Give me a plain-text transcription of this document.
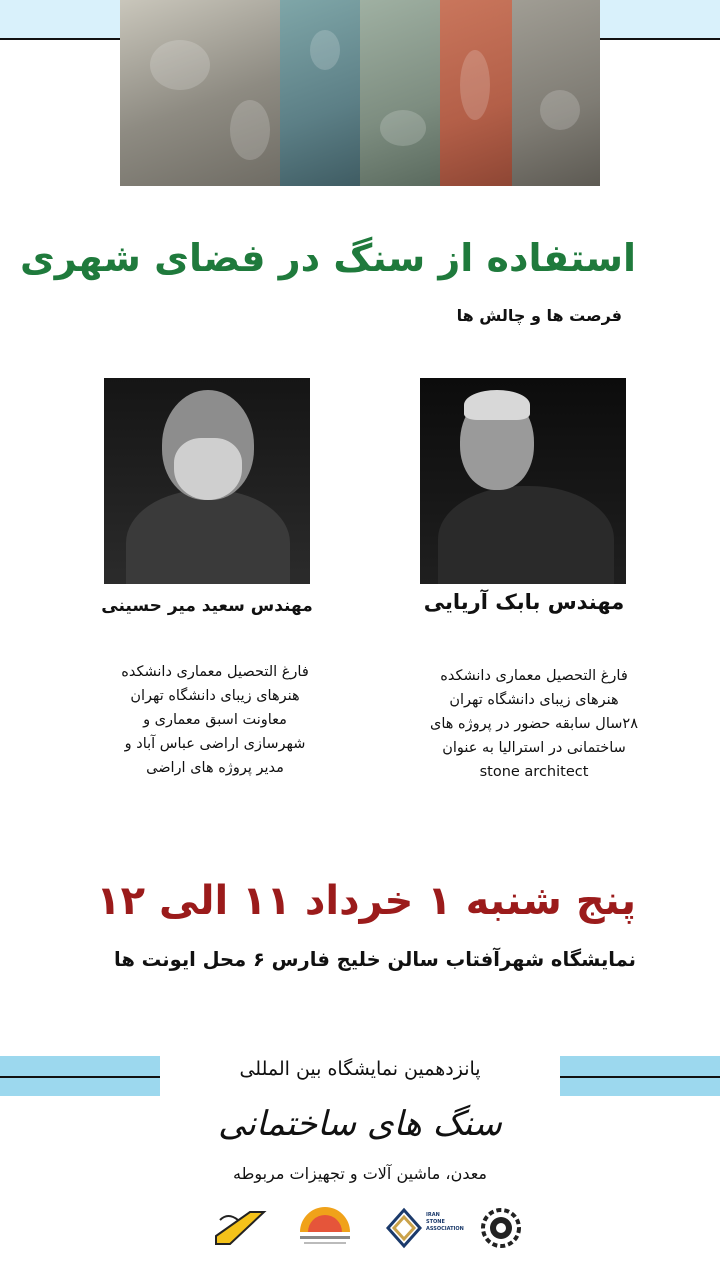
استفاده از سنگ در فضای شهری
فرصت ها و چالش ها
مهندس سعید میر حسینی	مهندس بابک آریایی
فارغ التحصیل معماری دانشکده
هنرهای زیبای دانشگاه تهران
معاونت اسبق معماری و
شهرسازی اراضی عباس آباد و
مدیر پروژه های اراضی
فارغ التحصیل معماری دانشکده
هنرهای زیبای دانشگاه تهران
۲۸سال سابقه حضور در پروژه های
ساختمانی در استرالیا به عنوان
stone architect
پنج شنبه ۱ خرداد ۱۱ الی ۱۲
نمایشگاه شهرآفتاب سالن خلیج فارس ۶ محل ایونت ها
پانزدهمین نمایشگاه بین المللی
سنگ های ساختمانی
معدن، ماشین آلات و تجهیزات مربوطه
IRAN
STONE
ASSOCIATION
